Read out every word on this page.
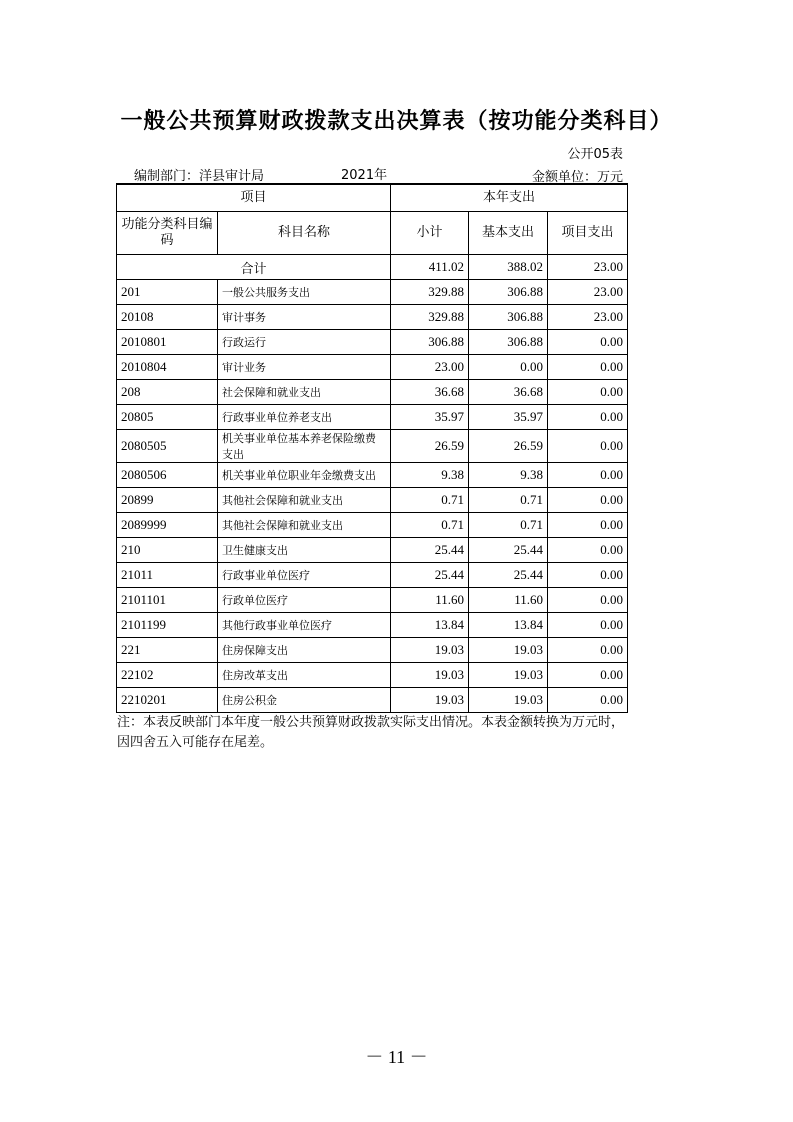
一般公共预算财政拨款支出决算表（按功能分类科目）
公开05表
编制部门：洋县审计局	2021年	金额单位：万元
项目		本年支出		
功能分类科目编码	科目名称	小计	基本支出	项目支出
合计		411.02	388.02	23.00
201	一般公共服务支出	329.88	306.88	23.00
20108	审计事务	329.88	306.88	23.00
2010801	行政运行	306.88	306.88	0.00
2010804	审计业务	23.00	0.00	0.00
208	社会保障和就业支出	36.68	36.68	0.00
20805	行政事业单位养老支出	35.97	35.97	0.00
2080505	机关事业单位基本养老保险缴费支出	26.59	26.59	0.00
2080506	机关事业单位职业年金缴费支出	9.38	9.38	0.00
20899	其他社会保障和就业支出	0.71	0.71	0.00
2089999	其他社会保障和就业支出	0.71	0.71	0.00
210	卫生健康支出	25.44	25.44	0.00
21011	行政事业单位医疗	25.44	25.44	0.00
2101101	行政单位医疗	11.60	11.60	0.00
2101199	其他行政事业单位医疗	13.84	13.84	0.00
221	住房保障支出	19.03	19.03	0.00
22102	住房改革支出	19.03	19.03	0.00
2210201	住房公积金	19.03	19.03	0.00
注：本表反映部门本年度一般公共预算财政拨款实际支出情况。本表金额转换为万元时，因四舍五入可能存在尾差。
－ 11 －
